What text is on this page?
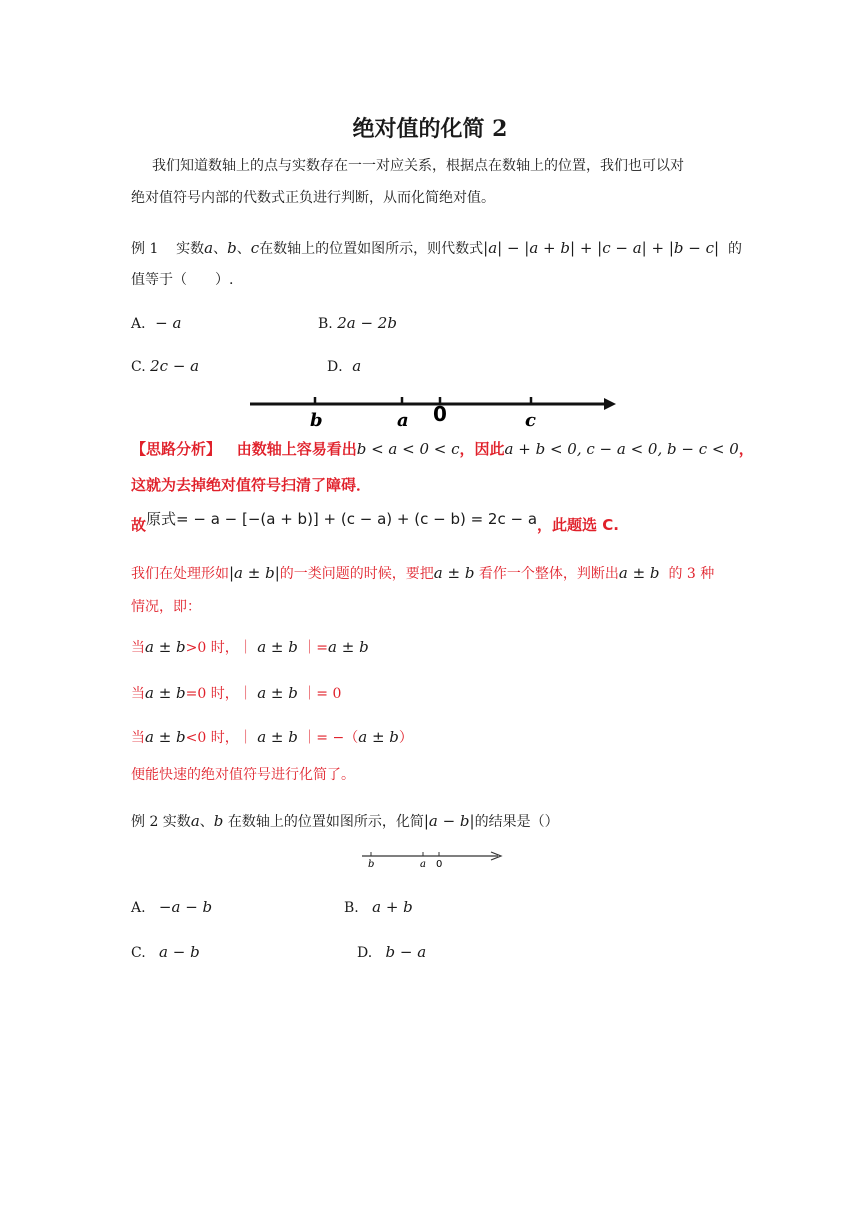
绝对值的化简 2
我们知道数轴上的点与实数存在一一对应关系，根据点在数轴上的位置，我们也可以对
绝对值符号内部的代数式正负进行判断，从而化简绝对值。
例 1 实数a、b、c在数轴上的位置如图所示，则代数式|a| − |a + b| + |c − a| + |b − c| 的
值等于（　　）.
A．− a	B. 2a − 2b
C. 2c − a	D．a
b	a 0	c
【思路分析】 由数轴上容易看出b < a < 0 < c，因此a + b < 0, c − a < 0, b − c < 0，
这就为去掉绝对值符号扫清了障碍．
故原式= − a − [−(a + b)] + (c − a) + (c − b) = 2c − a，此题选 C.
我们在处理形如|a ± b|的一类问题的时候，要把a ± b 看作一个整体，判断出a ± b 的 3 种
情况，即：
当a ± b>0 时，｜ a ± b ｜=a ± b
当a ± b=0 时，｜ a ± b ｜= 0
当a ± b<0 时，｜ a ± b ｜= −（a ± b）
便能快速的绝对值符号进行化简了。
例 2 实数a、b 在数轴上的位置如图所示，化简|a − b|的结果是（）
b	a 0
A. −a − b	B. a + b
C. a − b	D. b − a
